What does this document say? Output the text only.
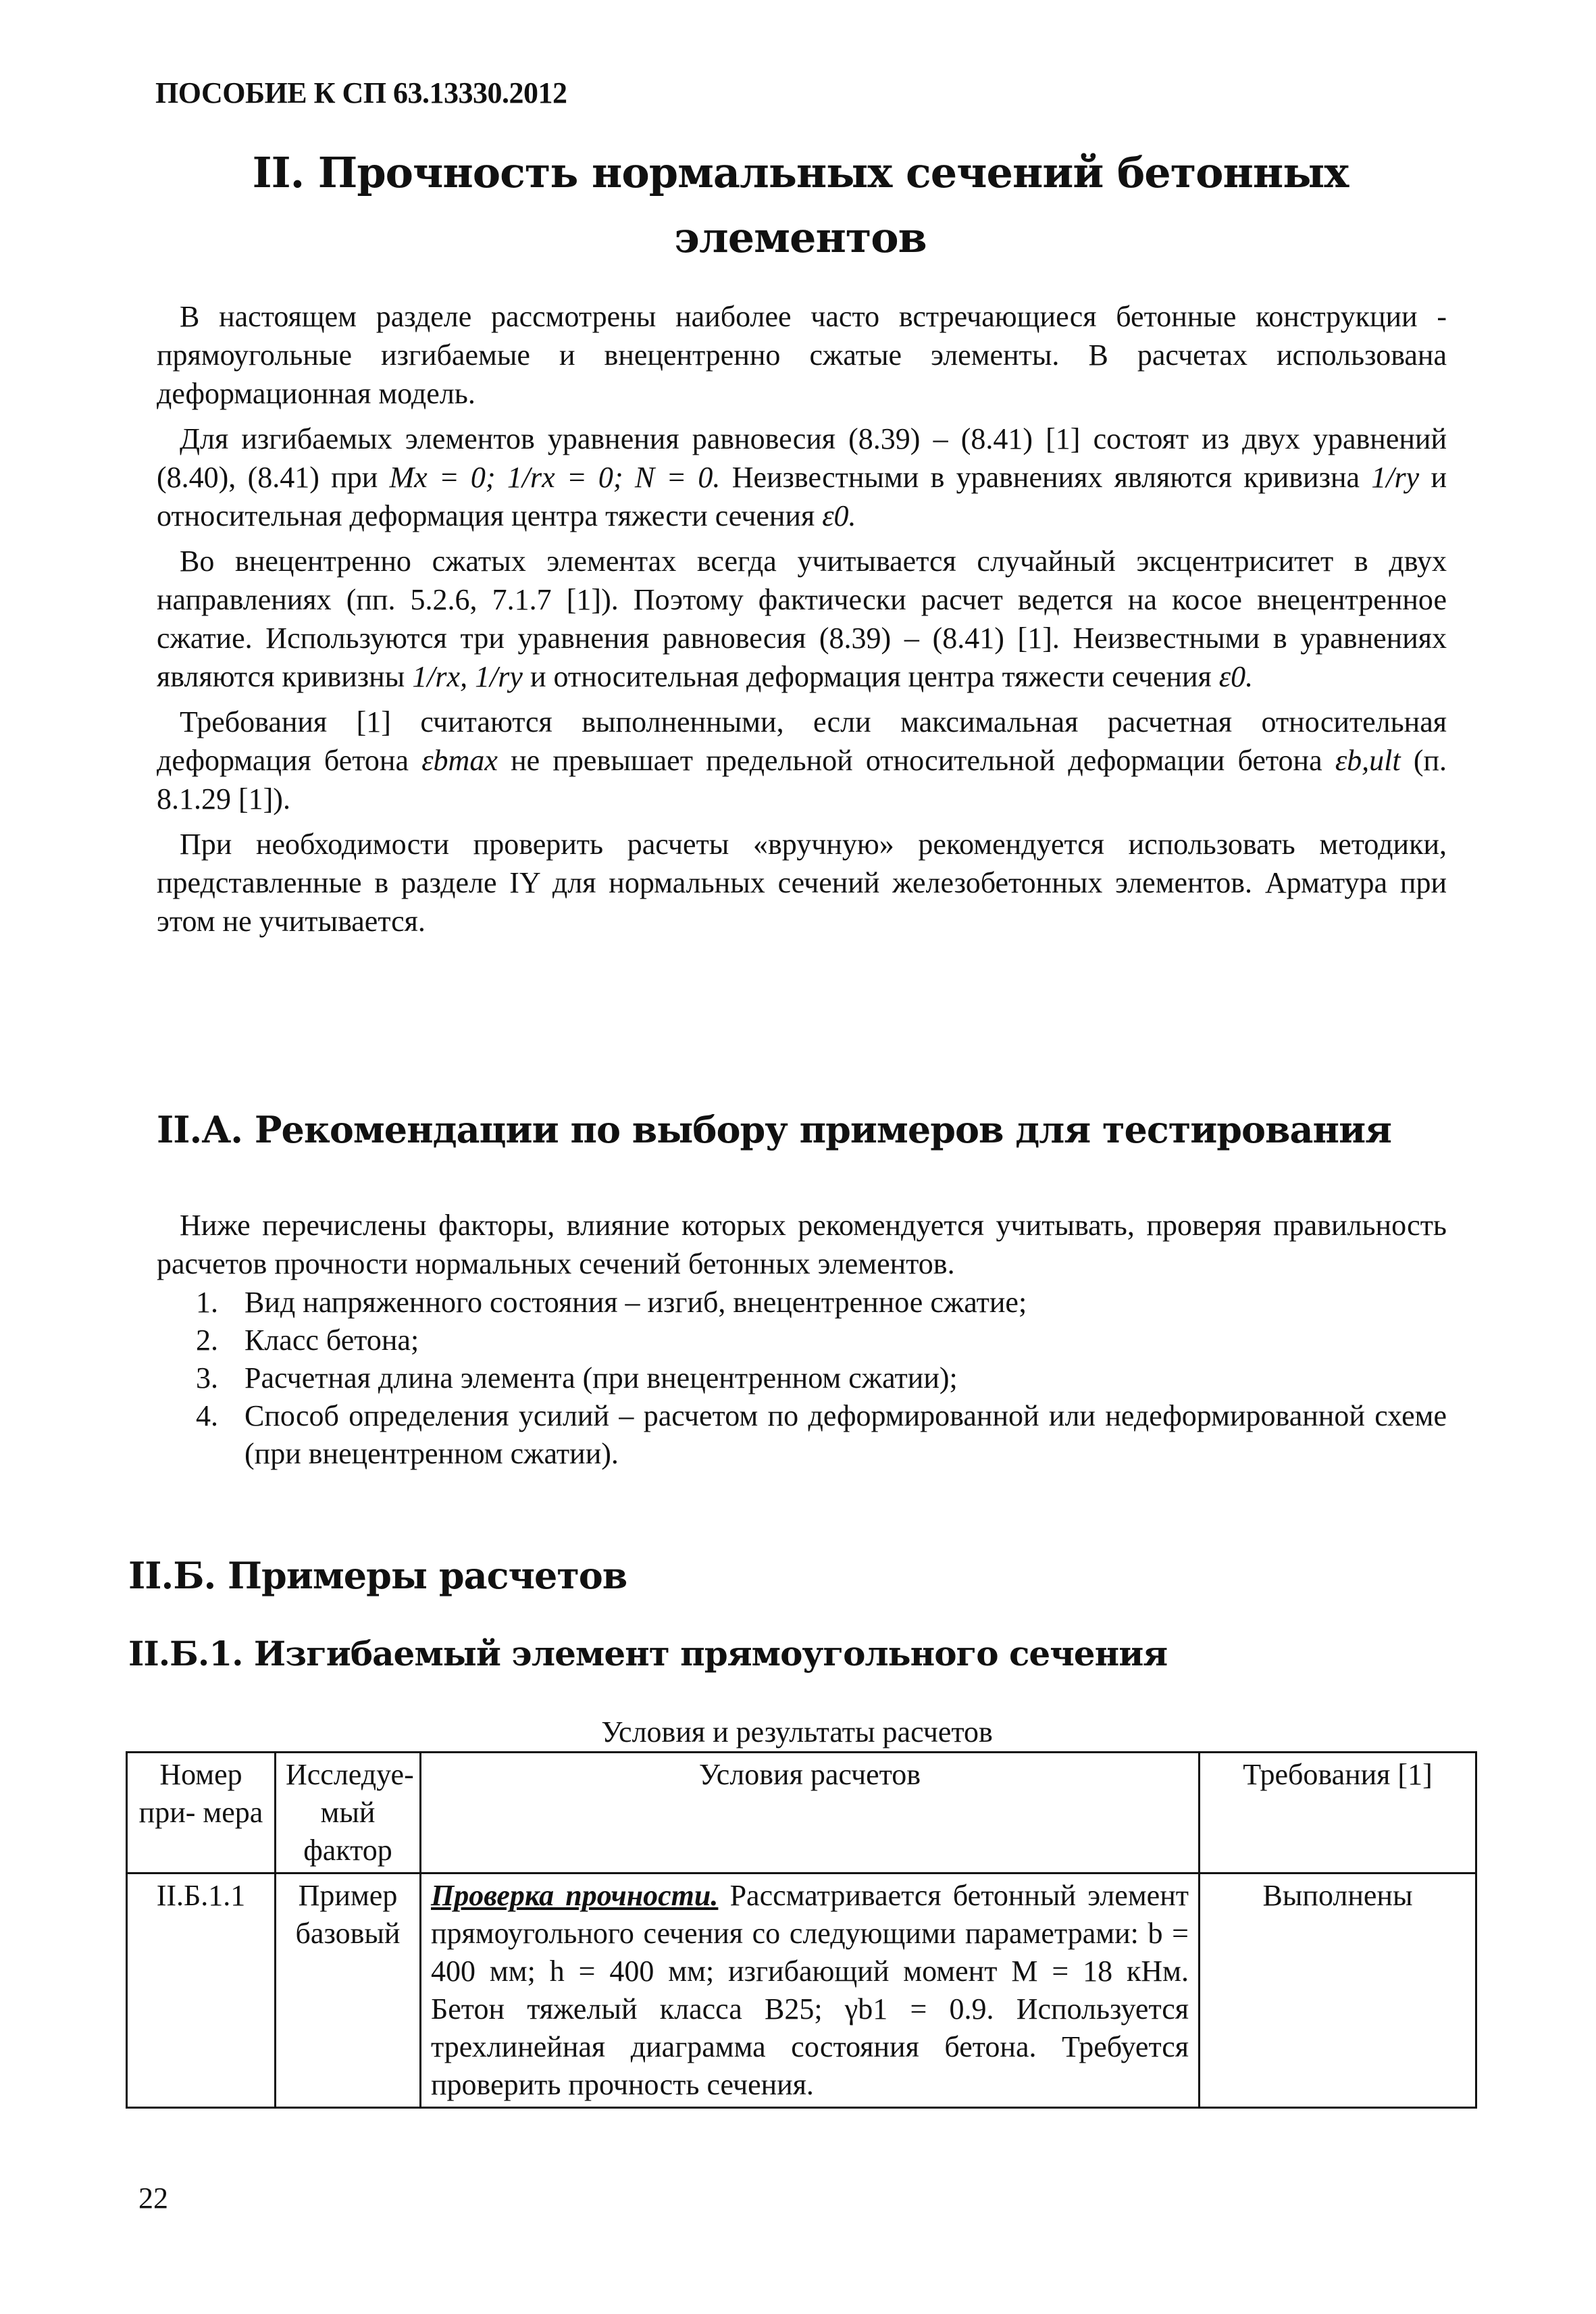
ПОСОБИЕ К СП 63.13330.2012
II. Прочность нормальных сечений бетонных
элементов

В настоящем разделе рассмотрены наиболее часто встречающиеся бетонные конструкции - прямоугольные изгибаемые и внецентренно сжатые элементы. В расчетах использована деформационная модель.

Для изгибаемых элементов уравнения равновесия (8.39) – (8.41) [1] состоят из двух уравнений (8.40), (8.41) при Mx = 0; 1/rx = 0; N = 0. Неизвестными в уравнениях являются кривизна 1/ry и относительная деформация центра тяжести сечения ε0.

Во внецентренно сжатых элементах всегда учитывается случайный эксцентриситет в двух направлениях (пп. 5.2.6, 7.1.7 [1]). Поэтому фактически расчет ведется на косое внецентренное сжатие. Используются три уравнения равновесия (8.39) – (8.41) [1]. Неизвестными в уравнениях являются кривизны 1/rx, 1/ry и относительная деформация центра тяжести сечения ε0.

Требования [1] считаются выполненными, если максимальная расчетная относительная деформация бетона εbmax не превышает предельной относительной деформации бетона εb,ult (п. 8.1.29 [1]).

При необходимости проверить расчеты «вручную» рекомендуется использовать методики, представленные в разделе IY для нормальных сечений железобетонных элементов. Арматура при этом не учитывается.

II.А. Рекомендации по выбору примеров для тестирования

Ниже перечислены факторы, влияние которых рекомендуется учитывать, проверяя правильность расчетов прочности нормальных сечений бетонных элементов.

1. Вид напряженного состояния – изгиб, внецентренное сжатие;
2. Класс бетона;
3. Расчетная длина элемента (при внецентренном сжатии);
4. Способ определения усилий – расчетом по деформированной или недеформированной схеме (при внецентренном сжатии).
II.Б. Примеры расчетов
II.Б.1. Изгибаемый элемент прямоугольного сечения
Условия и результаты расчетов
Номер при- мера	Исследуе- мый фактор	Условия расчетов	Требования [1]
II.Б.1.1	Пример базовый	Проверка прочности. Рассматривается бетонный элемент прямоугольного сечения со следующими параметрами: b = 400 мм; h = 400 мм; изгибающий момент M = 18 кНм. Бетон тяжелый класса B25; γb1 = 0.9. Используется трехлинейная диаграмма состояния бетона. Требуется проверить прочность сечения.	Выполнены
22
